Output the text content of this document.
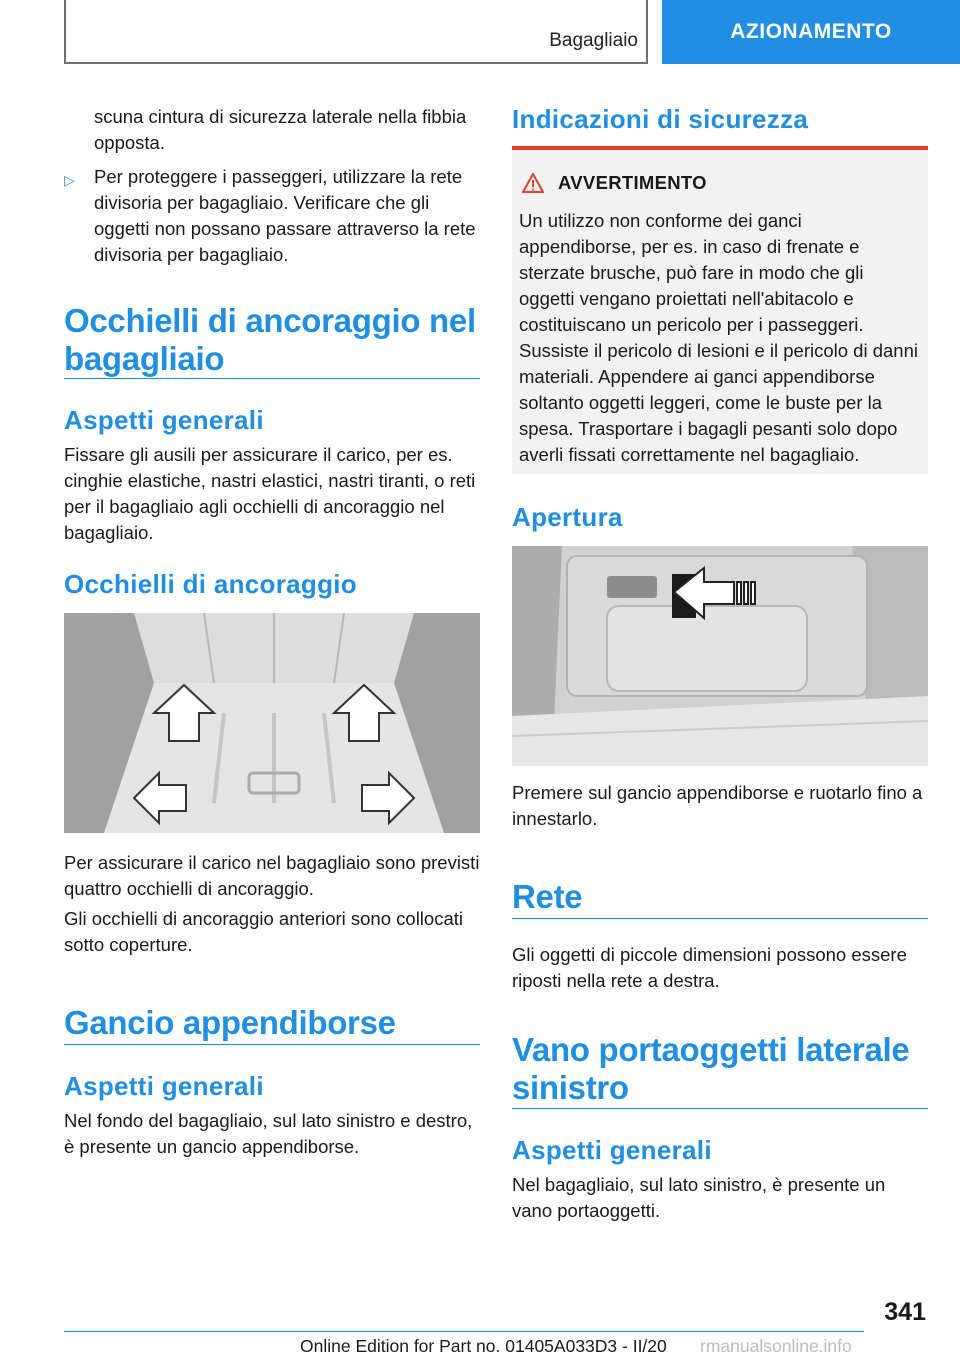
Bagagliaio	AZIONAMENTO
scuna cintura di sicurezza laterale nella fibbia opposta.
▷	Per proteggere i passeggeri, utilizzare la rete divisoria per bagagliaio. Verificare che gli oggetti non possano passare attraverso la rete divisoria per bagagliaio.
Occhielli di ancoraggio nel bagagliaio
Aspetti generali
Fissare gli ausili per assicurare il carico, per es. cinghie elastiche, nastri elastici, nastri tiranti, o reti per il bagagliaio agli occhielli di ancoraggio nel bagagliaio.
Occhielli di ancoraggio
Per assicurare il carico nel bagagliaio sono previsti quattro occhielli di ancoraggio.
Gli occhielli di ancoraggio anteriori sono collocati sotto coperture.
Gancio appendiborse
Aspetti generali
Nel fondo del bagagliaio, sul lato sinistro e destro, è presente un gancio appendiborse.
Indicazioni di sicurezza
AVVERTIMENTO
Un utilizzo non conforme dei ganci appendiborse, per es. in caso di frenate e sterzate brusche, può fare in modo che gli oggetti vengano proiettati nell'abitacolo e costituiscano un pericolo per i passeggeri. Sussiste il pericolo di lesioni e il pericolo di danni materiali. Appendere ai ganci appendiborse soltanto oggetti leggeri, come le buste per la spesa. Trasportare i bagagli pesanti solo dopo averli fissati correttamente nel bagagliaio.
Apertura
Premere sul gancio appendiborse e ruotarlo fino a innestarlo.
Rete
Gli oggetti di piccole dimensioni possono essere riposti nella rete a destra.
Vano portaoggetti laterale sinistro
Aspetti generali
Nel bagagliaio, sul lato sinistro, è presente un vano portaoggetti.
341
Online Edition for Part no. 01405A033D3 - II/20 rmanualsonline.info
